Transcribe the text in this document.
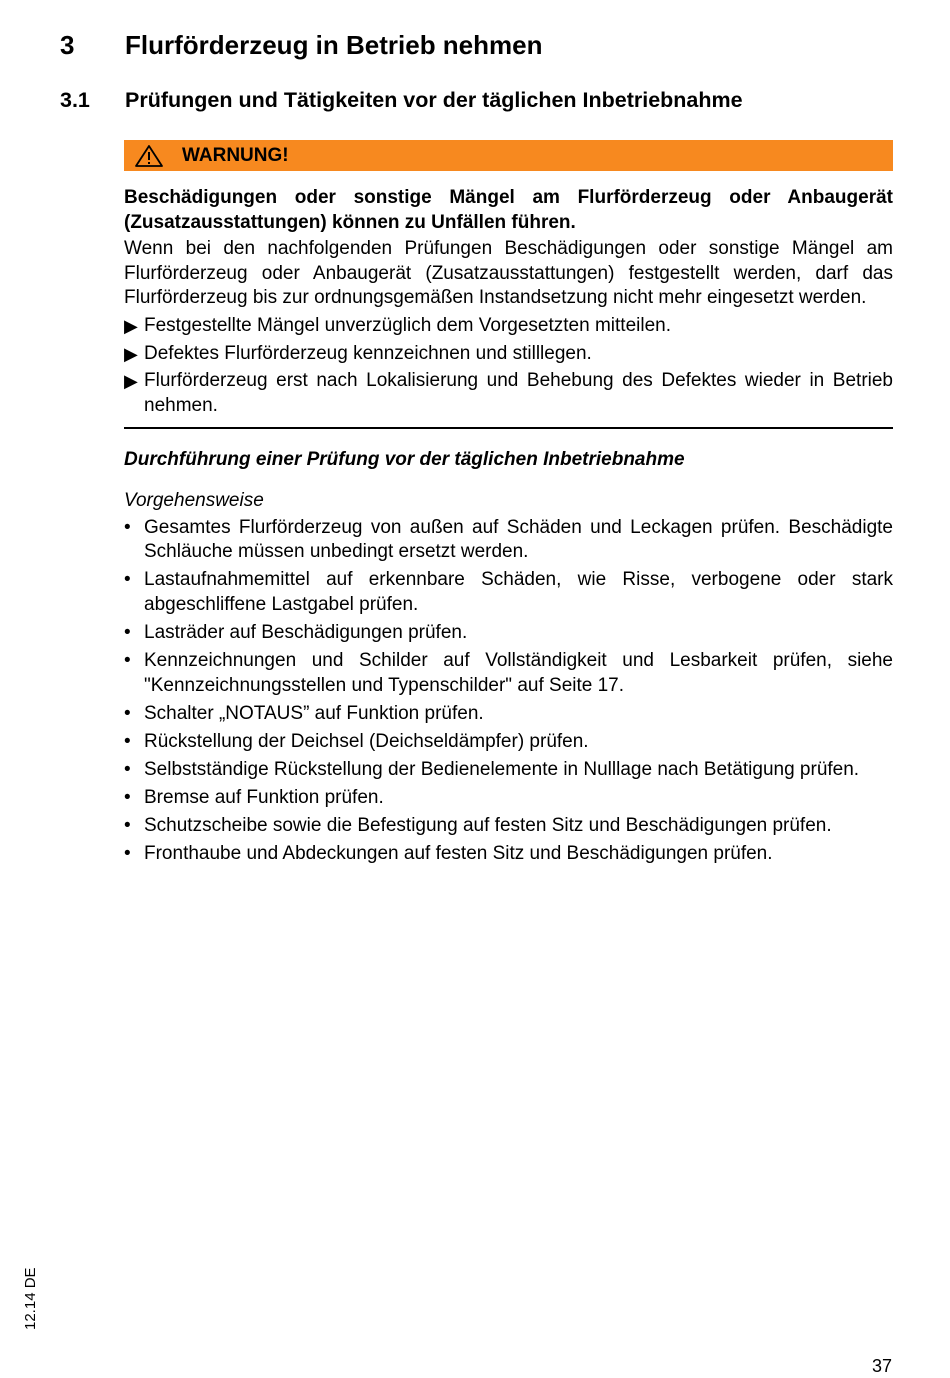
3	Flurförderzeug in Betrieb nehmen
3.1	Prüfungen und Tätigkeiten vor der täglichen Inbetriebnahme
WARNUNG!

Beschädigungen oder sonstige Mängel am Flurförderzeug oder Anbaugerät (Zusatzausstattungen) können zu Unfällen führen.

Wenn bei den nachfolgenden Prüfungen Beschädigungen oder sonstige Mängel am Flurförderzeug oder Anbaugerät (Zusatzausstattungen) festgestellt werden, darf das Flurförderzeug bis zur ordnungsgemäßen Instandsetzung nicht mehr eingesetzt werden.

▶ Festgestellte Mängel unverzüglich dem Vorgesetzten mitteilen.
▶ Defektes Flurförderzeug kennzeichnen und stilllegen.
▶ Flurförderzeug erst nach Lokalisierung und Behebung des Defektes wieder in Betrieb nehmen.

Durchführung einer Prüfung vor der täglichen Inbetriebnahme

Vorgehensweise

• Gesamtes Flurförderzeug von außen auf Schäden und Leckagen prüfen. Beschädigte Schläuche müssen unbedingt ersetzt werden.
• Lastaufnahmemittel auf erkennbare Schäden, wie Risse, verbogene oder stark abgeschliffene Lastgabel prüfen.
• Lasträder auf Beschädigungen prüfen.
• Kennzeichnungen und Schilder auf Vollständigkeit und Lesbarkeit prüfen, siehe "Kennzeichnungsstellen und Typenschilder" auf Seite 17.
• Schalter „NOTAUS” auf Funktion prüfen.
• Rückstellung der Deichsel (Deichseldämpfer) prüfen.
• Selbstständige Rückstellung der Bedienelemente in Nulllage nach Betätigung prüfen.
• Bremse auf Funktion prüfen.
• Schutzscheibe sowie die Befestigung auf festen Sitz und Beschädigungen prüfen.
• Fronthaube und Abdeckungen auf festen Sitz und Beschädigungen prüfen.
12.14 DE
37
